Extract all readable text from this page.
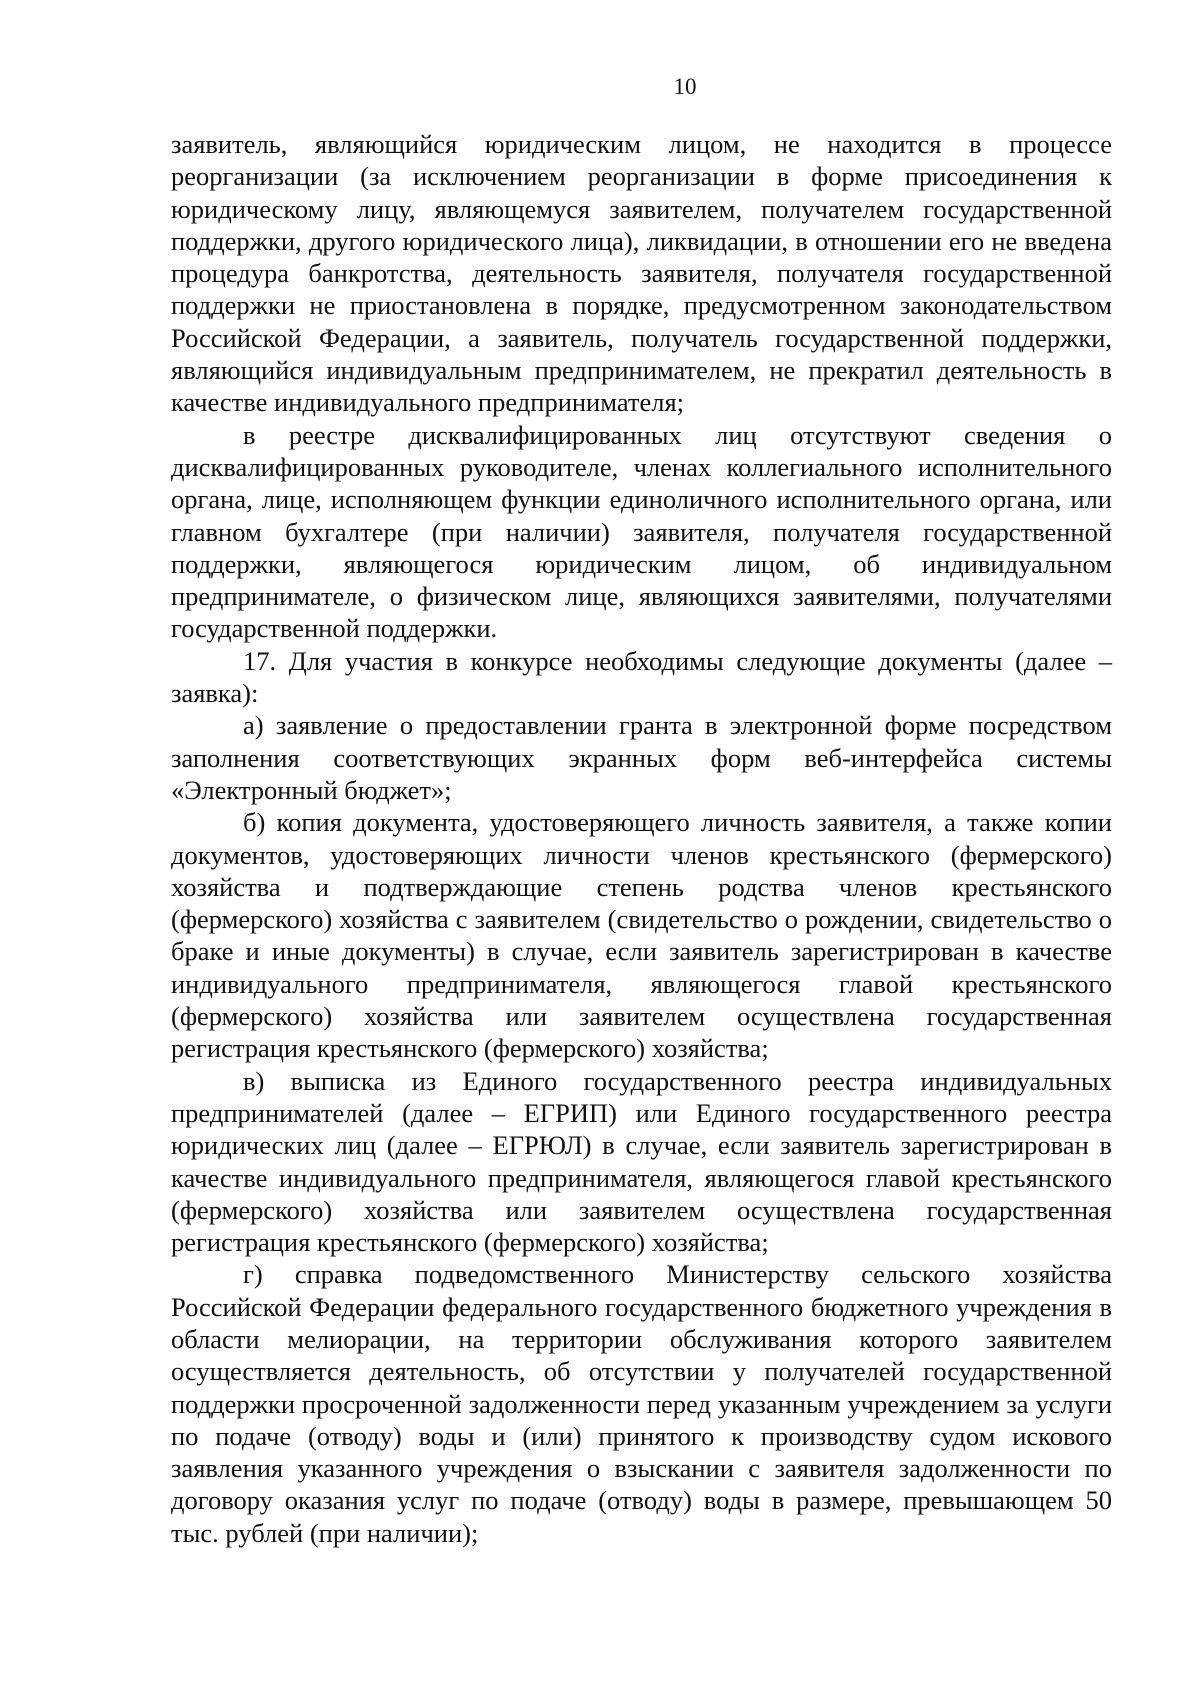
10

заявитель, являющийся юридическим лицом, не находится в процессе реорганизации (за исключением реорганизации в форме присоединения к юридическому лицу, являющемуся заявителем, получателем государственной поддержки, другого юридического лица), ликвидации, в отношении его не введена процедура банкротства, деятельность заявителя, получателя государственной поддержки не приостановлена в порядке, предусмотренном законодательством Российской Федерации, а заявитель, получатель государственной поддержки, являющийся индивидуальным предпринимателем, не прекратил деятельность в качестве индивидуального предпринимателя;

в реестре дисквалифицированных лиц отсутствуют сведения о дисквалифицированных руководителе, членах коллегиального исполнительного органа, лице, исполняющем функции единоличного исполнительного органа, или главном бухгалтере (при наличии) заявителя, получателя государственной поддержки, являющегося юридическим лицом, об индивидуальном предпринимателе, о физическом лице, являющихся заявителями, получателями государственной поддержки.

17. Для участия в конкурсе необходимы следующие документы (далее – заявка):

а) заявление о предоставлении гранта в электронной форме посредством заполнения соответствующих экранных форм веб-интерфейса системы «Электронный бюджет»;

б) копия документа, удостоверяющего личность заявителя, а также копии документов, удостоверяющих личности членов крестьянского (фермерского) хозяйства и подтверждающие степень родства членов крестьянского (фермерского) хозяйства с заявителем (свидетельство о рождении, свидетельство о браке и иные документы) в случае, если заявитель зарегистрирован в качестве индивидуального предпринимателя, являющегося главой крестьянского (фермерского) хозяйства или заявителем осуществлена государственная регистрация крестьянского (фермерского) хозяйства;

в) выписка из Единого государственного реестра индивидуальных предпринимателей (далее – ЕГРИП) или Единого государственного реестра юридических лиц (далее – ЕГРЮЛ) в случае, если заявитель зарегистрирован в качестве индивидуального предпринимателя, являющегося главой крестьянского (фермерского) хозяйства или заявителем осуществлена государственная регистрация крестьянского (фермерского) хозяйства;

г) справка подведомственного Министерству сельского хозяйства Российской Федерации федерального государственного бюджетного учреждения в области мелиорации, на территории обслуживания которого заявителем осуществляется деятельность, об отсутствии у получателей государственной поддержки просроченной задолженности перед указанным учреждением за услуги по подаче (отводу) воды и (или) принятого к производству судом искового заявления указанного учреждения о взыскании с заявителя задолженности по договору оказания услуг по подаче (отводу) воды в размере, превышающем 50 тыс. рублей (при наличии);
